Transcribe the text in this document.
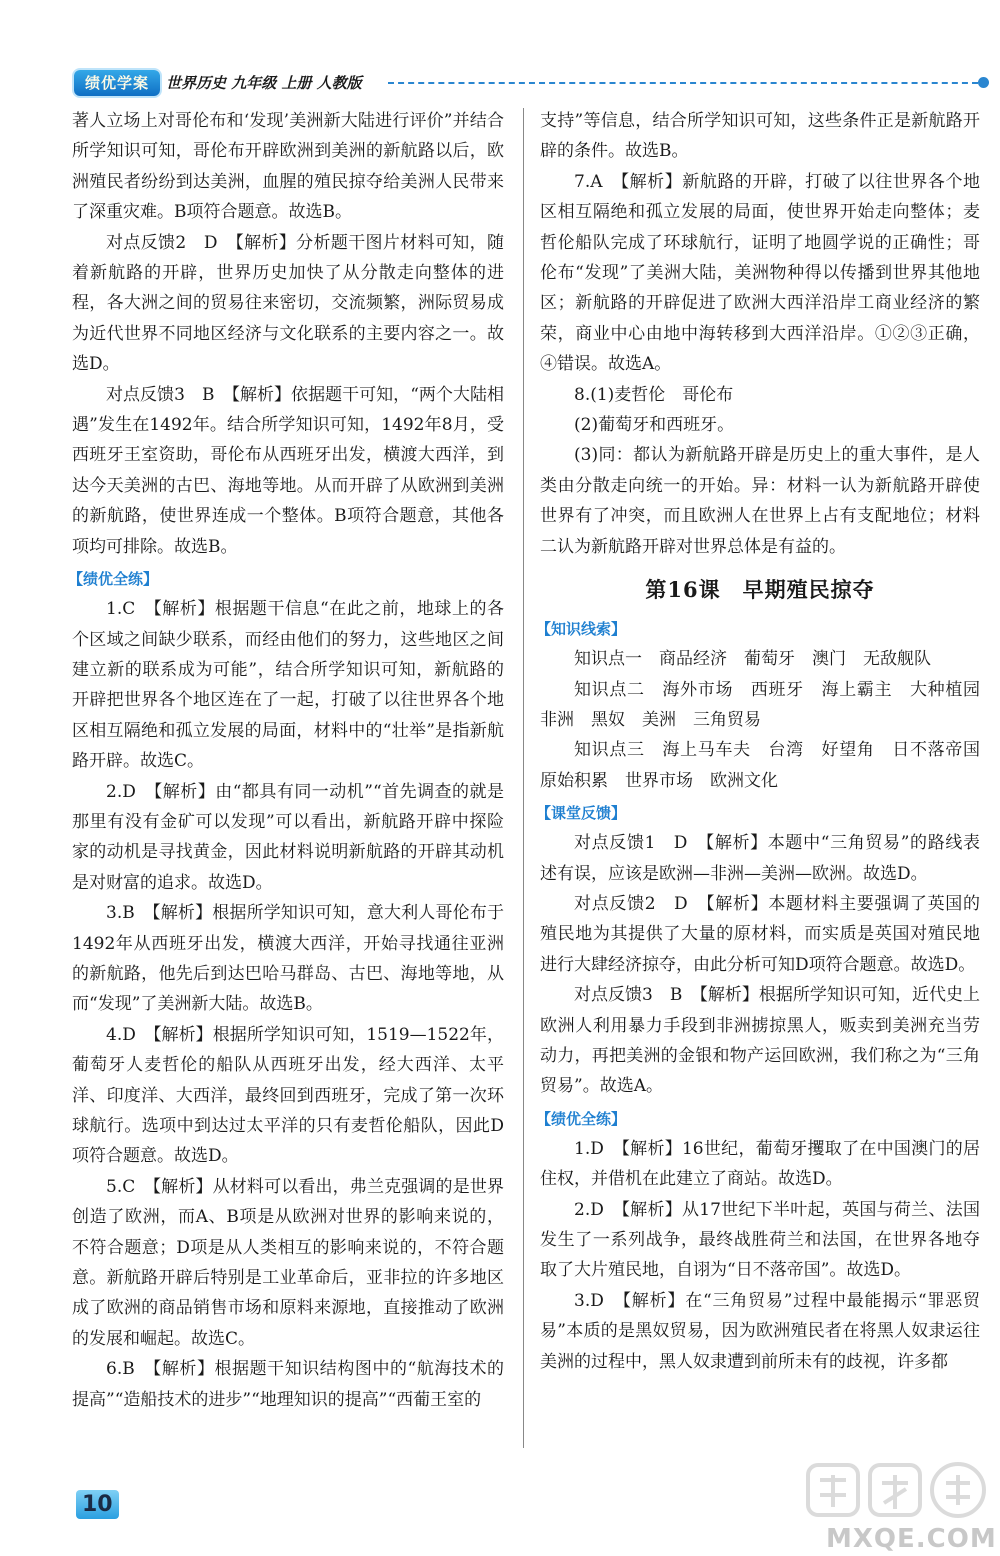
绩优学案	世界历史 九年级 上册 人教版

著人立场上对哥伦布和‘发现’美洲新大陆进行评价”并结合所学知识可知，哥伦布开辟欧洲到美洲的新航路以后，欧洲殖民者纷纷到达美洲，血腥的殖民掠夺给美洲人民带来了深重灾难。B项符合题意。故选B。

对点反馈2　D　【解析】分析题干图片材料可知，随着新航路的开辟，世界历史加快了从分散走向整体的进程，各大洲之间的贸易往来密切，交流频繁，洲际贸易成为近代世界不同地区经济与文化联系的主要内容之一。故选D。

对点反馈3　B　【解析】依据题干可知，“两个大陆相遇”发生在1492年。结合所学知识可知，1492年8月，受西班牙王室资助，哥伦布从西班牙出发，横渡大西洋，到达今天美洲的古巴、海地等地。从而开辟了从欧洲到美洲的新航路，使世界连成一个整体。B项符合题意，其他各项均可排除。故选B。

【绩优全练】

1.C　【解析】根据题干信息“在此之前，地球上的各个区域之间缺少联系，而经由他们的努力，这些地区之间建立新的联系成为可能”，结合所学知识可知，新航路的开辟把世界各个地区连在了一起，打破了以往世界各个地区相互隔绝和孤立发展的局面，材料中的“壮举”是指新航路开辟。故选C。

2.D　【解析】由“都具有同一动机”“首先调查的就是那里有没有金矿可以发现”可以看出，新航路开辟中探险家的动机是寻找黄金，因此材料说明新航路的开辟其动机是对财富的追求。故选D。

3.B　【解析】根据所学知识可知，意大利人哥伦布于1492年从西班牙出发，横渡大西洋，开始寻找通往亚洲的新航路，他先后到达巴哈马群岛、古巴、海地等地，从而“发现”了美洲新大陆。故选B。

4.D　【解析】根据所学知识可知，1519—1522年，葡萄牙人麦哲伦的船队从西班牙出发，经大西洋、太平洋、印度洋、大西洋，最终回到西班牙，完成了第一次环球航行。选项中到达过太平洋的只有麦哲伦船队，因此D项符合题意。故选D。

5.C　【解析】从材料可以看出，弗兰克强调的是世界创造了欧洲，而A、B项是从欧洲对世界的影响来说的，不符合题意；D项是从人类相互的影响来说的，不符合题意。新航路开辟后特别是工业革命后，亚非拉的许多地区成了欧洲的商品销售市场和原料来源地，直接推动了欧洲的发展和崛起。故选C。

6.B　【解析】根据题干知识结构图中的“航海技术的提高”“造船技术的进步”“地理知识的提高”“西葡王室的

支持”等信息，结合所学知识可知，这些条件正是新航路开辟的条件。故选B。

7.A　【解析】新航路的开辟，打破了以往世界各个地区相互隔绝和孤立发展的局面，使世界开始走向整体；麦哲伦船队完成了环球航行，证明了地圆学说的正确性；哥伦布“发现”了美洲大陆，美洲物种得以传播到世界其他地区；新航路的开辟促进了欧洲大西洋沿岸工商业经济的繁荣，商业中心由地中海转移到大西洋沿岸。①②③正确，④错误。故选A。

8.(1)麦哲伦　哥伦布

(2)葡萄牙和西班牙。

(3)同：都认为新航路开辟是历史上的重大事件，是人类由分散走向统一的开始。异：材料一认为新航路开辟使世界有了冲突，而且欧洲人在世界上占有支配地位；材料二认为新航路开辟对世界总体是有益的。

第16课　早期殖民掠夺
【知识线索】

知识点一　商品经济　葡萄牙　澳门　无敌舰队

知识点二　海外市场　西班牙　海上霸主　大种植园　非洲　黑奴　美洲　三角贸易

知识点三　海上马车夫　台湾　好望角　日不落帝国　原始积累　世界市场　欧洲文化

【课堂反馈】

对点反馈1　D　【解析】本题中“三角贸易”的路线表述有误，应该是欧洲—非洲—美洲—欧洲。故选D。

对点反馈2　D　【解析】本题材料主要强调了英国的殖民地为其提供了大量的原材料，而实质是英国对殖民地进行大肆经济掠夺，由此分析可知D项符合题意。故选D。

对点反馈3　B　【解析】根据所学知识可知，近代史上欧洲人利用暴力手段到非洲掳掠黑人，贩卖到美洲充当劳动力，再把美洲的金银和物产运回欧洲，我们称之为“三角贸易”。故选A。

【绩优全练】

1.D　【解析】16世纪，葡萄牙攫取了在中国澳门的居住权，并借机在此建立了商站。故选D。

2.D　【解析】从17世纪下半叶起，英国与荷兰、法国发生了一系列战争，最终战胜荷兰和法国，在世界各地夺取了大片殖民地，自诩为“日不落帝国”。故选D。

3.D　【解析】在“三角贸易”过程中最能揭示“罪恶贸易”本质的是黑奴贸易，因为欧洲殖民者在将黑人奴隶运往美洲的过程中，黑人奴隶遭到前所未有的歧视，许多都

10
MXQE.COM
